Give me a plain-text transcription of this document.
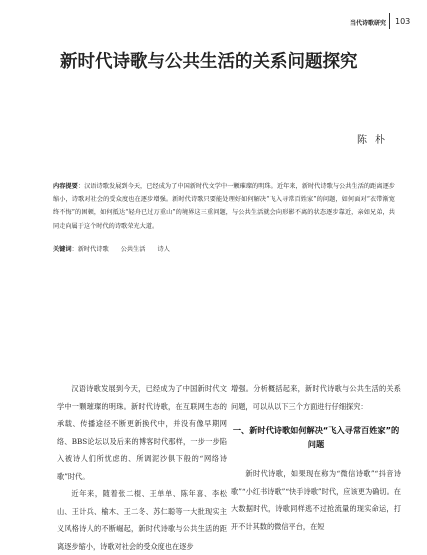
当代诗歌研究 103
新时代诗歌与公共生活的关系问题探究
陈朴
内容提要：汉语诗歌发展到今天，已经成为了中国新时代文学中一颗璀璨的明珠。近年来，新时代诗歌与公共生活的距离逐步缩小，诗歌对社会的受众度也在逐步增强。新时代诗歌只要能处理好如何解决“飞入寻常百姓家”的问题，如何面对“衣带渐宽终不悔”的困顿，如何抵达“轻舟已过万重山”的境界这三重问题，与公共生活就会向形影不离的状态逐步靠近，亲如兄弟，共同走向属于这个时代的诗歌荣光大道。
关键词：新时代诗歌 公共生活 诗人

汉语诗歌发展到今天，已经成为了中国新时代文学中一颗璀璨的明珠。新时代诗歌，在互联网生态的承载、传播途径不断更新换代中，并没有像早期网络、BBS论坛以及后来的博客时代那样，一步一步陷入被诗人们所忧虑的、所调泥沙俱下般的“网络诗歌”时代。

近年来，随着张二棍、王单单、陈年喜、李松山、王计兵、榆木、王二冬、苏仁聪等一大批现实主义风格诗人的不断崛起，新时代诗歌与公共生活的距离逐步缩小，诗歌对社会的受众度也在逐步

增强。分析概括起来，新时代诗歌与公共生活的关系问题，可以从以下三个方面进行仔细探究：

一、新时代诗歌如何解决“飞入寻常百姓家”的问题

新时代诗歌，如果现在称为“微信诗歌”“抖音诗歌”“小红书诗歌”“快手诗歌”时代，应该更为确切。在大数据时代，诗歌同样逃不过抢流量的现实命运，打开不计其数的微信平台，在短
